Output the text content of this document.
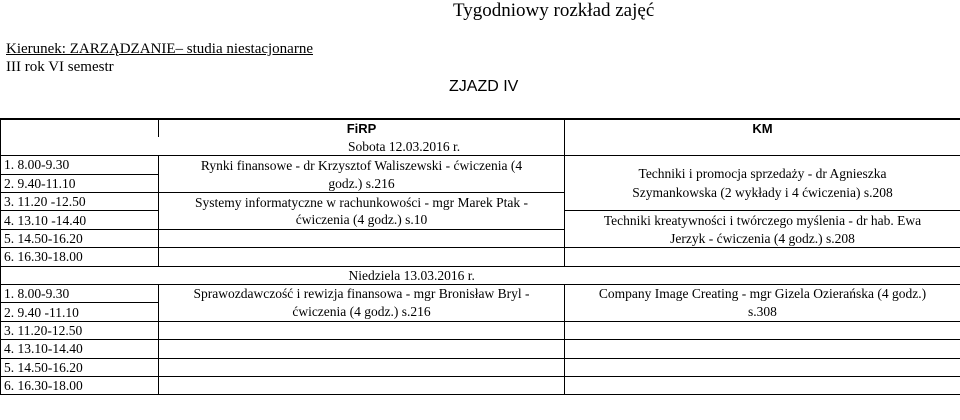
Tygodniowy rozkład zajęć
Kierunek: ZARZĄDZANIE– studia niestacjonarne
III rok VI semestr
ZJAZD IV
	FiRP	KM
Sobota 12.03.2016 r.		
1. 8.00-9.30	Rynki finansowe - dr Krzysztof Waliszewski - ćwiczenia (4	Techniki i promocja sprzedaży - dr Agnieszka
Szymankowska (2 wykłady i 4 ćwiczenia) s.208
2. 9.40-11.10	godz.) s.216	
3. 11.20 -12.50	Systemy informatyczne w rachunkowości - mgr Marek Ptak -	
4. 13.10 -14.40	ćwiczenia (4 godz.) s.10	Techniki kreatywności i twórczego myślenia - dr hab. Ewa
5. 14.50-16.20		Jerzyk - ćwiczenia (4 godz.) s.208
6. 16.30-18.00		
Niedziela 13.03.2016 r.		
1. 8.00-9.30	Sprawozdawczość i rewizja finansowa - mgr Bronisław Bryl -	Company Image Creating - mgr Gizela Ozierańska (4 godz.)
2. 9.40 -11.10	ćwiczenia (4 godz.) s.216	s.308
3. 11.20-12.50		
4. 13.10-14.40		
5. 14.50-16.20		
6. 16.30-18.00		
